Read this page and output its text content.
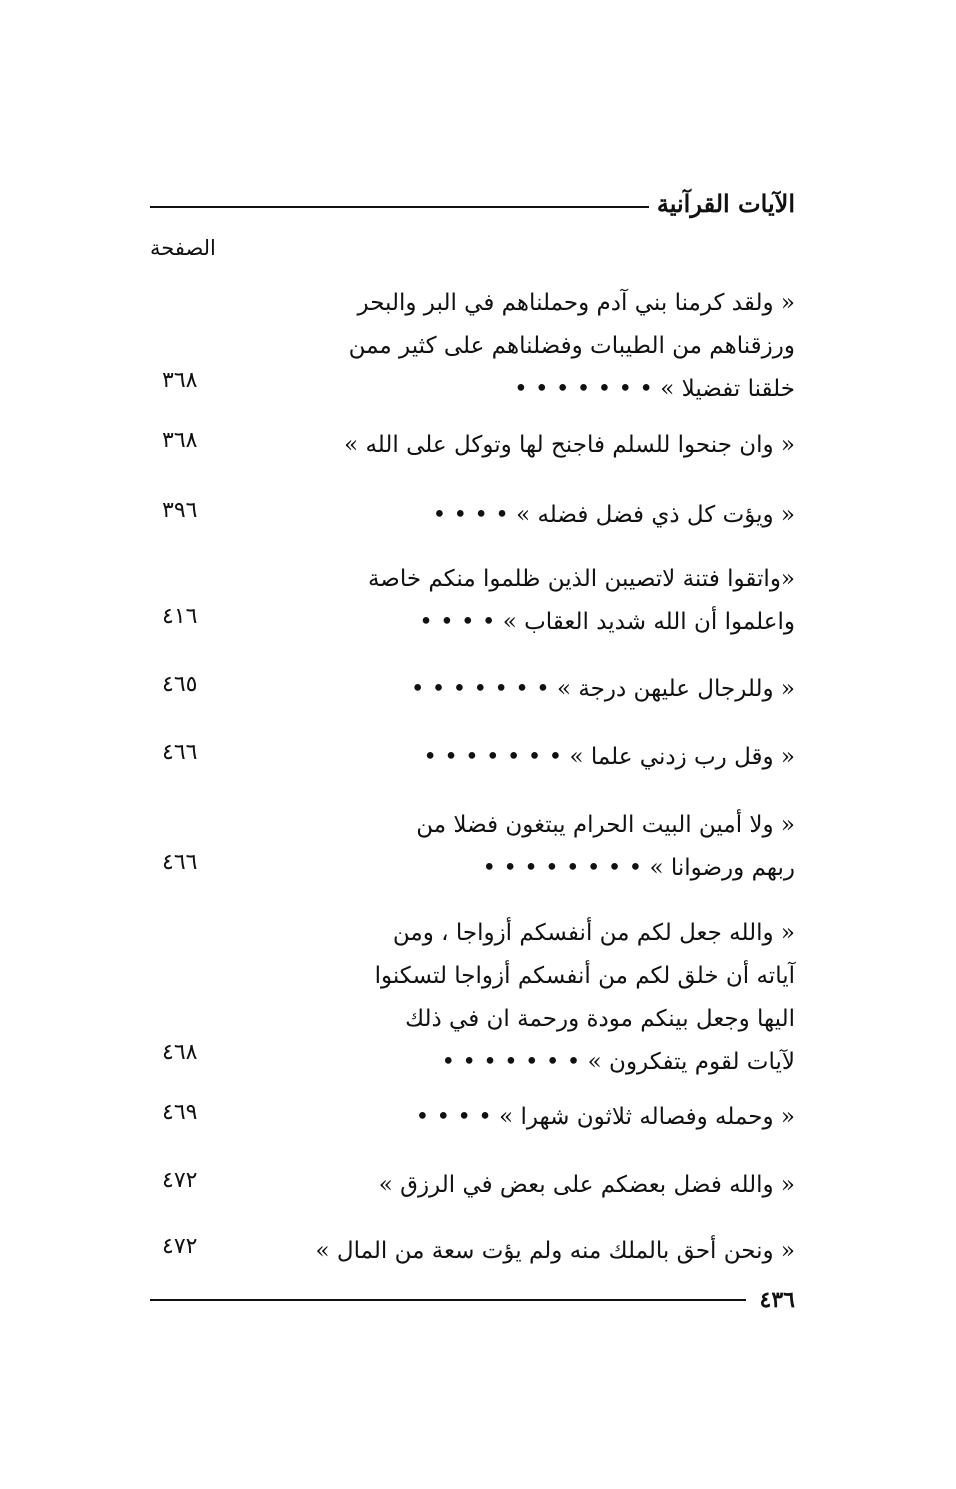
الآيات القرآنية
الصفحة
« ولقد كرمنا بني آدم وحملناهم في البر والبحر
ورزقناهم من الطيبات وفضلناهم على كثير ممن
خلقنا تفضيلا » • • • • • • •
٣٦٨
« وان جنحوا للسلم فاجنح لها وتوكل على الله »
٣٦٨
« ويؤت كل ذي فضل فضله » • • • •
٣٩٦
«واتقوا فتنة لاتصيبن الذين ظلموا منكم خاصة
واعلموا أن الله شديد العقاب » • • • •
٤١٦
« وللرجال عليهن درجة » • • • • • • •
٤٦٥
« وقل رب زدني علما » • • • • • • •
٤٦٦
« ولا أمين البيت الحرام يبتغون فضلا من
ربهم ورضوانا » • • • • • • • •
٤٦٦
« والله جعل لكم من أنفسكم أزواجا ، ومن
آياته أن خلق لكم من أنفسكم أزواجا لتسكنوا
اليها وجعل بينكم مودة ورحمة ان في ذلك
لآيات لقوم يتفكرون » • • • • • • •
٤٦٨
« وحمله وفصاله ثلاثون شهرا » • • • •
٤٦٩
« والله فضل بعضكم على بعض في الرزق »
٤٧٢
« ونحن أحق بالملك منه ولم يؤت سعة من المال »
٤٧٢
٤٣٦
